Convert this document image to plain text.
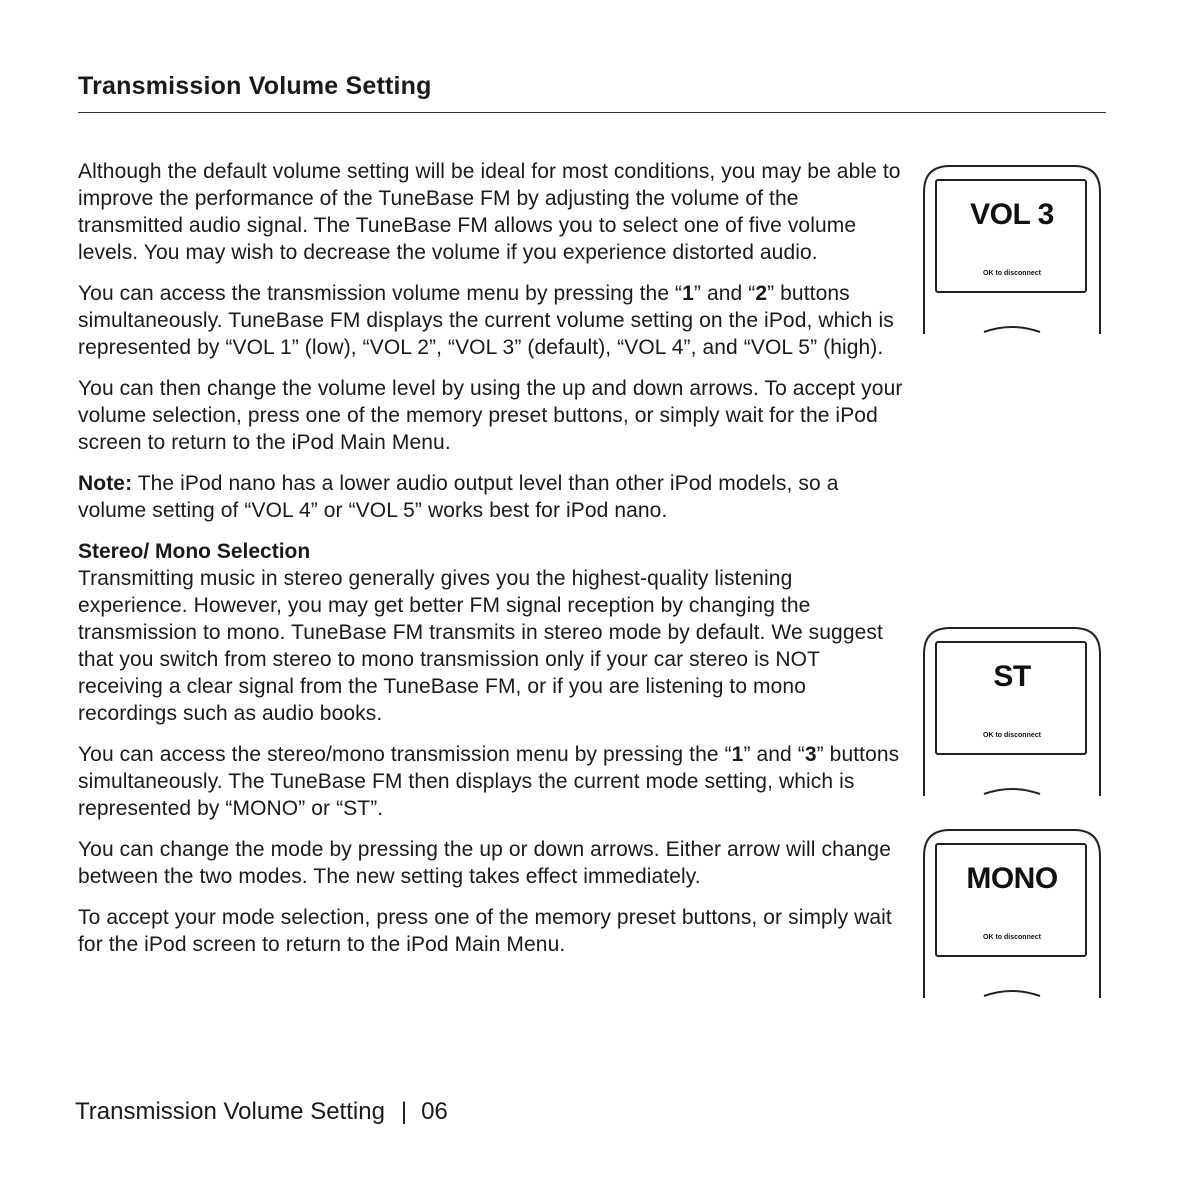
Transmission Volume Setting

Although the default volume setting will be ideal for most conditions, you may be able to improve the performance of the TuneBase FM by adjusting the volume of the transmitted audio signal. The TuneBase FM allows you to select one of five volume levels. You may wish to decrease the volume if you experience distorted audio.

You can access the transmission volume menu by pressing the “1” and “2” buttons simultaneously. TuneBase FM displays the current volume setting on the iPod, which is represented by “VOL 1” (low), “VOL 2”, “VOL 3” (default), “VOL 4”, and “VOL 5” (high).

You can then change the volume level by using the up and down arrows. To accept your volume selection, press one of the memory preset buttons, or simply wait for the iPod screen to return to the iPod Main Menu.

Note: The iPod nano has a lower audio output level than other iPod models, so a volume setting of “VOL 4” or “VOL 5” works best for iPod nano.

Stereo/ Mono Selection

Transmitting music in stereo generally gives you the highest-quality listening experience. However, you may get better FM signal reception by changing the transmission to mono. TuneBase FM transmits in stereo mode by default. We suggest that you switch from stereo to mono transmission only if your car stereo is NOT receiving a clear signal from the TuneBase FM, or if you are listening to mono recordings such as audio books.

You can access the stereo/mono transmission menu by pressing the “1” and “3” buttons simultaneously. The TuneBase FM then displays the current mode setting, which is represented by “MONO” or “ST”.

You can change the mode by pressing the up or down arrows. Either arrow will change between the two modes. The new setting takes effect immediately.

To accept your mode selection, press one of the memory preset buttons, or simply wait for the iPod screen to return to the iPod Main Menu.

VOL 3
OK to disconnect
ST
OK to disconnect
MONO
OK to disconnect
Transmission Volume Setting | 06
